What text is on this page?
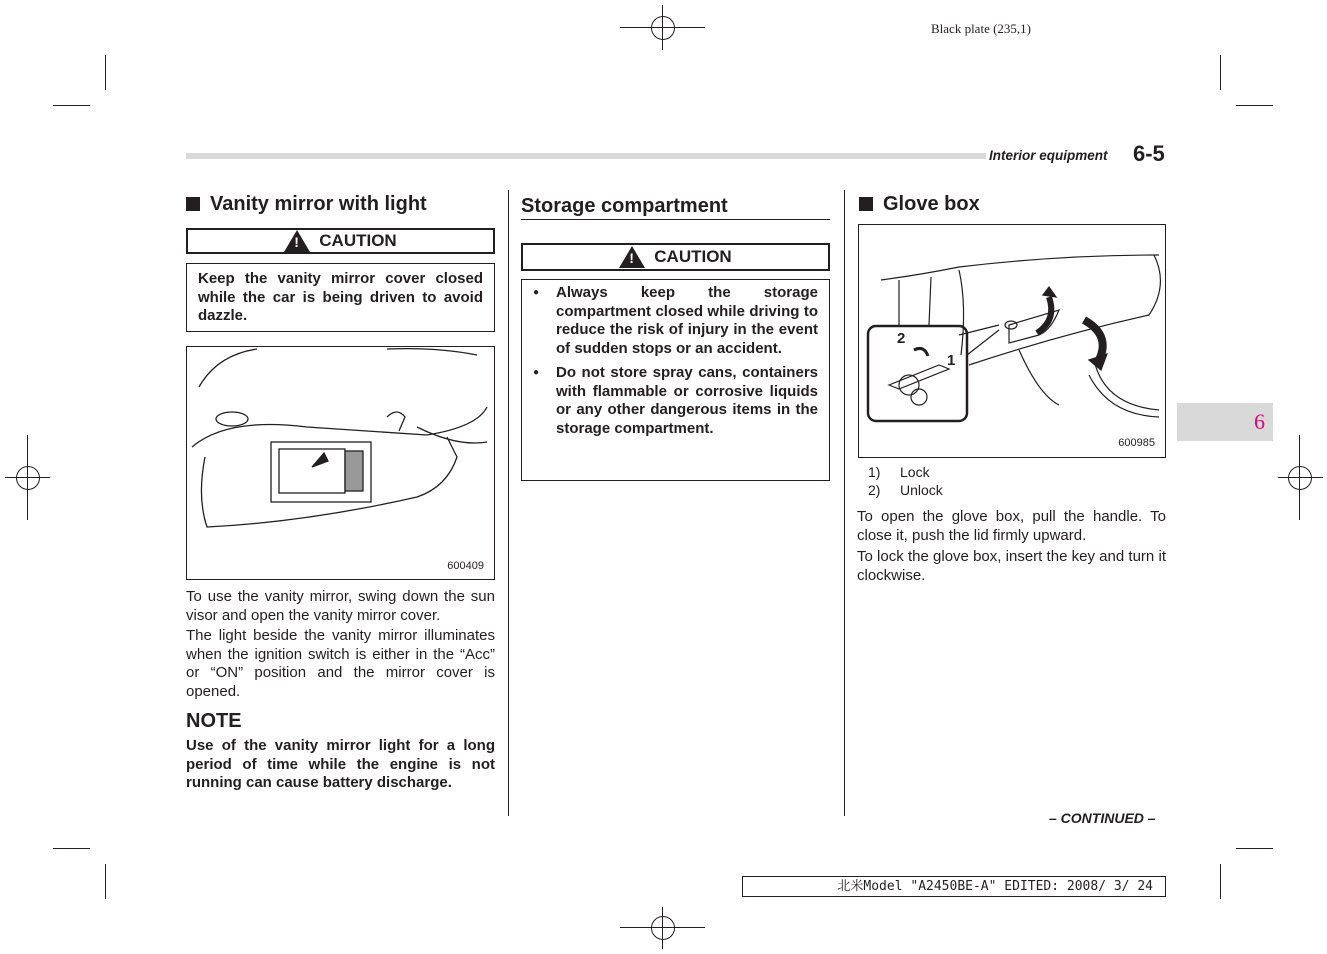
Black plate (235,1)
Interior equipment 6-5
6
Vanity mirror with light
! CAUTION
Keep the vanity mirror cover closed while the car is being driven to avoid dazzle.
600409
To use the vanity mirror, swing down the sun visor and open the vanity mirror cover.
The light beside the vanity mirror illuminates when the ignition switch is either in the “Acc” or “ON” position and the mirror cover is opened.
NOTE
Use of the vanity mirror light for a long period of time while the engine is not running can cause battery discharge.
Storage compartment
! CAUTION
● Always keep the storage compartment closed while driving to reduce the risk of injury in the event of sudden stops or an accident.
● Do not store spray cans, containers with flammable or corrosive liquids or any other dangerous items in the storage compartment.
Glove box
2
1
600985
1) Lock
2) Unlock
To open the glove box, pull the handle. To close it, push the lid firmly upward.
To lock the glove box, insert the key and turn it clockwise.
– CONTINUED –
北米Model "A2450BE-A" EDITED: 2008/ 3/ 24
